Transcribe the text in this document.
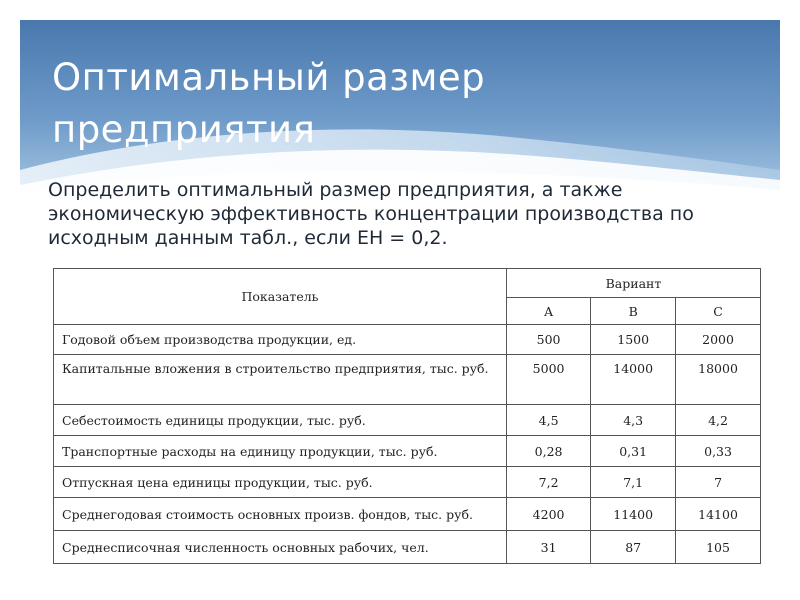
Оптимальный размер предприятия

Определить оптимальный размер предприятия, а также экономическую эффективность концентрации производства по исходным данным табл., если ЕН = 0,2.

Показатель	Вариант		
	А	В	С
Годовой объем производства продукции, ед.	500	1500	2000
Капитальные вложения в строительство предприятия, тыс. руб.	5000	14000	18000
Себестоимость единицы продукции, тыс. руб.	4,5	4,3	4,2
Транспортные расходы на единицу продукции, тыс. руб.	0,28	0,31	0,33
Отпускная цена единицы продукции, тыс. руб.	7,2	7,1	7
Среднегодовая стоимость основных произв. фондов, тыс. руб.	4200	11400	14100
Среднесписочная численность основных рабочих, чел.	31	87	105
